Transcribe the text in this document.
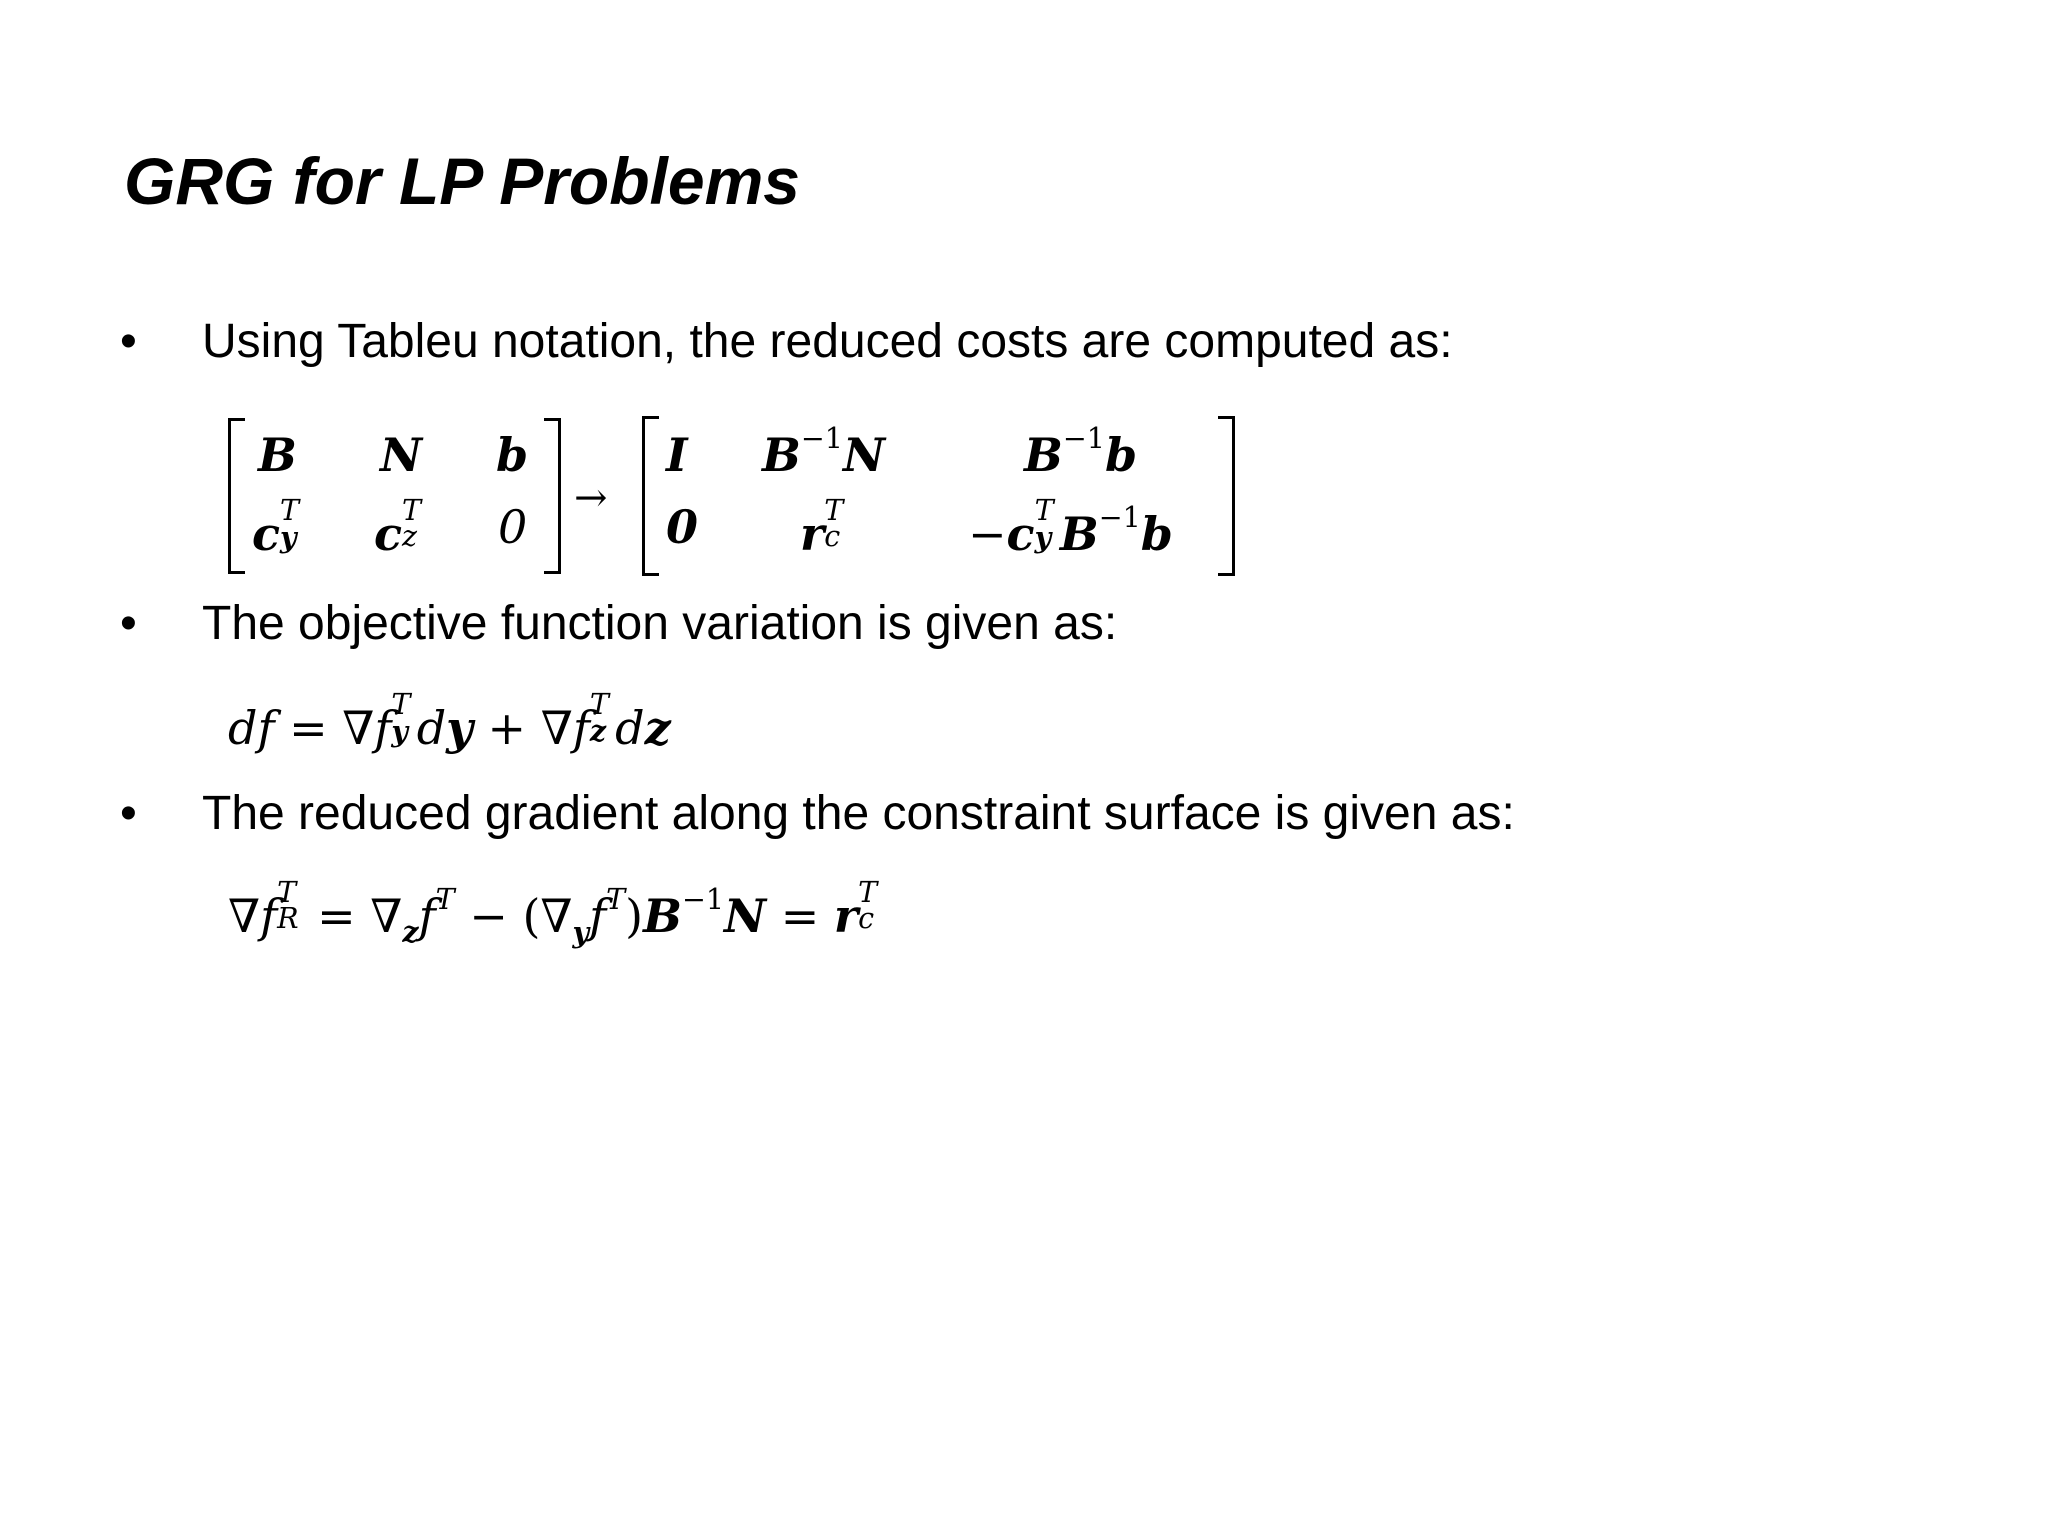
GRG for LP Problems
• Using Tableu notation, the reduced costs are computed as:
B N b
c T
y c T
z 0
→
I $B^{-1}N$	$B^{-1}b$
0 r T
c	−c T
y $B^{-1}b$
• The objective function variation is given as:
df = ∇f T
y dy + ∇f T
z dz
• The reduced gradient along the constraint surface is given as:
∇f T
$R = \nabla_zf^T - (\nabla_yf^T)B^{-1}N = r$ T
c
